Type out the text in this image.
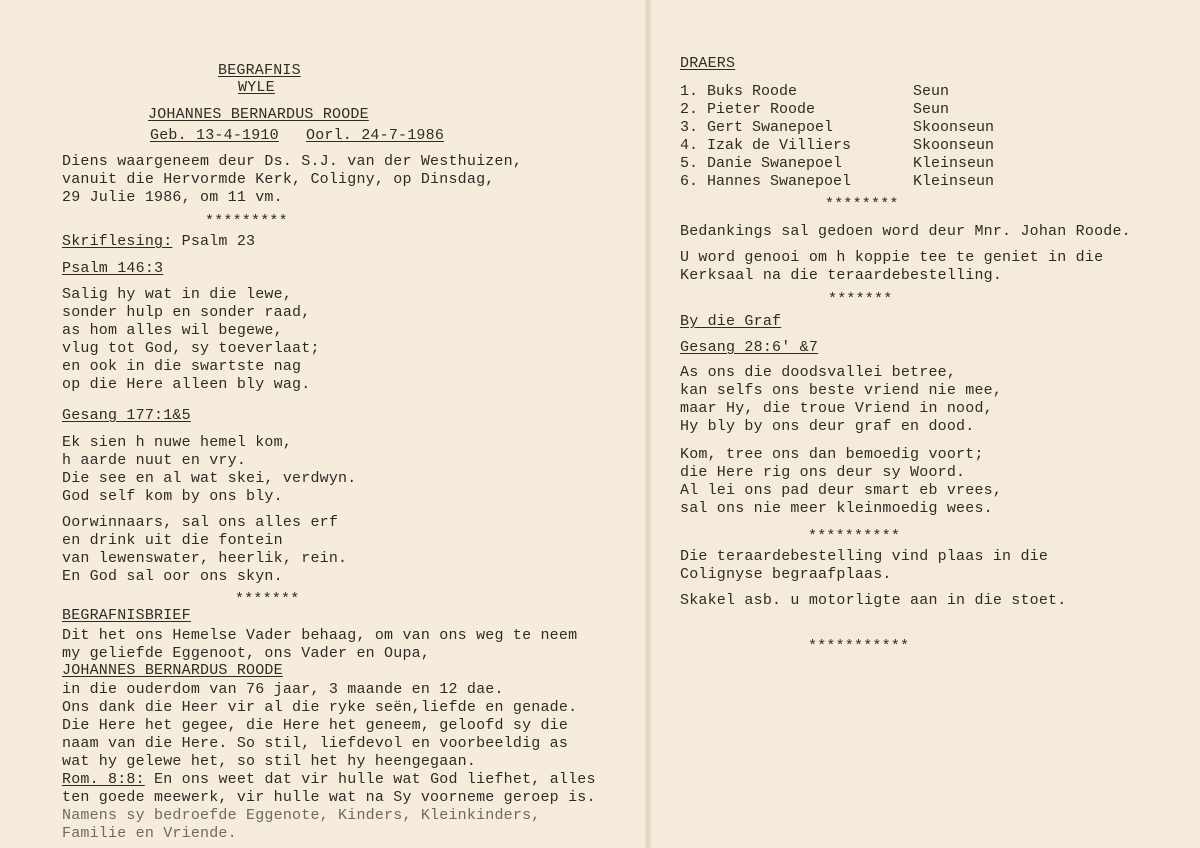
BEGRAFNIS
WYLE
JOHANNES BERNARDUS ROODE
Geb. 13-4-1910 Oorl. 24-7-1986
Diens waargeneem deur Ds. S.J. van der Westhuizen,
vanuit die Hervormde Kerk, Coligny, op Dinsdag,
29 Julie 1986, om 11 vm.
*********
Skriflesing: Psalm 23
Psalm 146:3
Salig hy wat in die lewe,
sonder hulp en sonder raad,
as hom alles wil begewe,
vlug tot God, sy toeverlaat;
en ook in die swartste nag
op die Here alleen bly wag.
Gesang 177:1&5
Ek sien h nuwe hemel kom,
h aarde nuut en vry.
Die see en al wat skei, verdwyn.
God self kom by ons bly.
Oorwinnaars, sal ons alles erf
en drink uit die fontein
van lewenswater, heerlik, rein.
En God sal oor ons skyn.
*******
BEGRAFNISBRIEF
Dit het ons Hemelse Vader behaag, om van ons weg te neem
my geliefde Eggenoot, ons Vader en Oupa,
JOHANNES BERNARDUS ROODE
in die ouderdom van 76 jaar, 3 maande en 12 dae.
Ons dank die Heer vir al die ryke seën,liefde en genade.
Die Here het gegee, die Here het geneem, geloofd sy die
naam van die Here. So stil, liefdevol en voorbeeldig as
wat hy gelewe het, so stil het hy heengegaan.
Rom. 8:8: En ons weet dat vir hulle wat God liefhet, alles
ten goede meewerk, vir hulle wat na Sy voorneme geroep is.
Namens sy bedroefde Eggenote, Kinders, Kleinkinders,
Familie en Vriende.
DRAERS
1. Buks Roode	Seun
2. Pieter Roode	Seun
3. Gert Swanepoel	Skoonseun
4. Izak de Villiers	Skoonseun
5. Danie Swanepoel	Kleinseun
6. Hannes Swanepoel	Kleinseun
********
Bedankings sal gedoen word deur Mnr. Johan Roode.
U word genooi om h koppie tee te geniet in die
Kerksaal na die teraardebestelling.
*******
By die Graf
Gesang 28:6' &7
As ons die doodsvallei betree,
kan selfs ons beste vriend nie mee,
maar Hy, die troue Vriend in nood,
Hy bly by ons deur graf en dood.
Kom, tree ons dan bemoedig voort;
die Here rig ons deur sy Woord.
Al lei ons pad deur smart eb vrees,
sal ons nie meer kleinmoedig wees.
**********
Die teraardebestelling vind plaas in die
Colignyse begraafplaas.
Skakel asb. u motorligte aan in die stoet.
***********
